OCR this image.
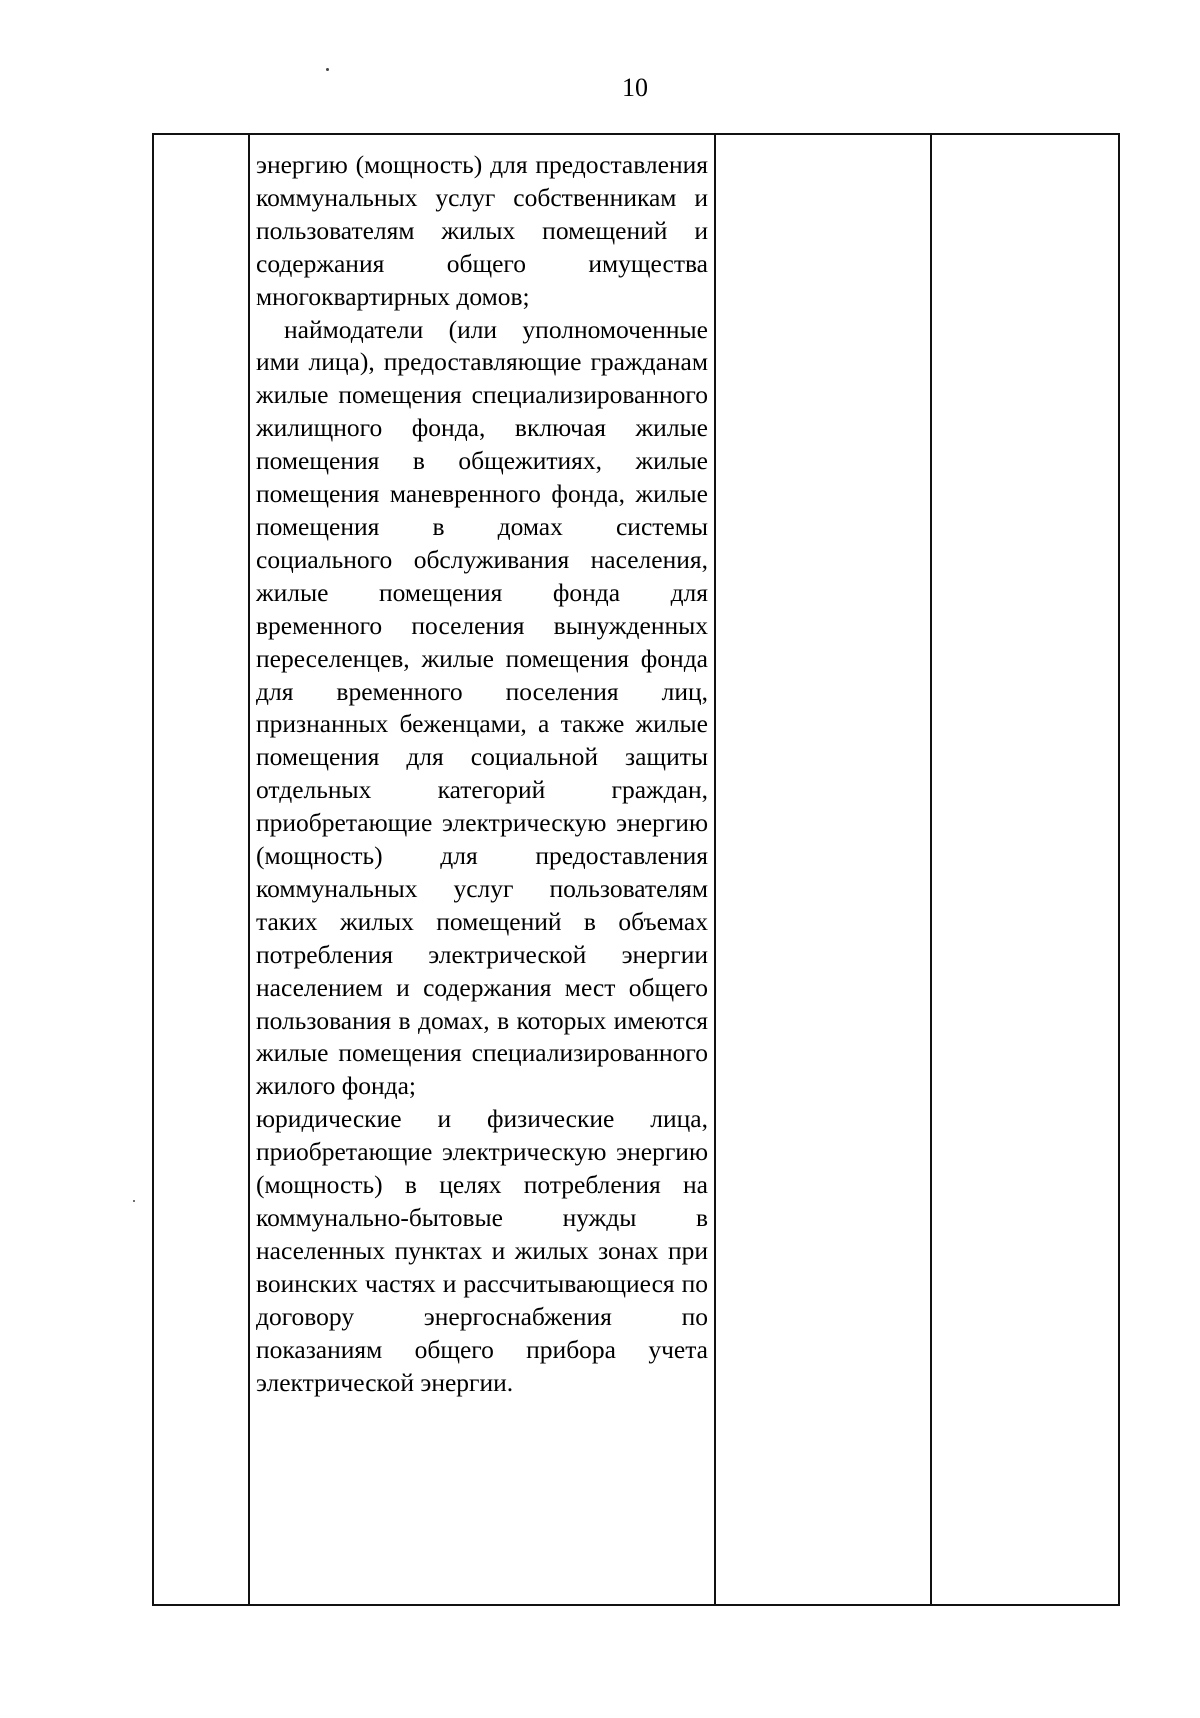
10

энергию (мощность) для предоставления коммунальных услуг собственникам и пользователям жилых помещений и содержания общего имущества многоквартирных домов;

наймодатели (или уполномоченные ими лица), предоставляющие гражданам жилые помещения специализированного жилищного фонда, включая жилые помещения в общежитиях, жилые помещения маневренного фонда, жилые помещения в домах системы социального обслуживания населения, жилые помещения фонда для временного поселения вынужденных переселенцев, жилые помещения фонда для временного поселения лиц, признанных беженцами, а также жилые помещения для социальной защиты отдельных категорий граждан, приобретающие электрическую энергию (мощность) для предоставления коммунальных услуг пользователям таких жилых помещений в объемах потребления электрической энергии населением и содержания мест общего пользования в домах, в которых имеются жилые помещения специализированного жилого фонда;

юридические и физические лица, приобретающие электрическую энергию (мощность) в целях потребления на коммунально-бытовые нужды в населенных пунктах и жилых зонах при воинских частях и рассчитывающиеся по договору энергоснабжения по показаниям общего прибора учета электрической энергии.
